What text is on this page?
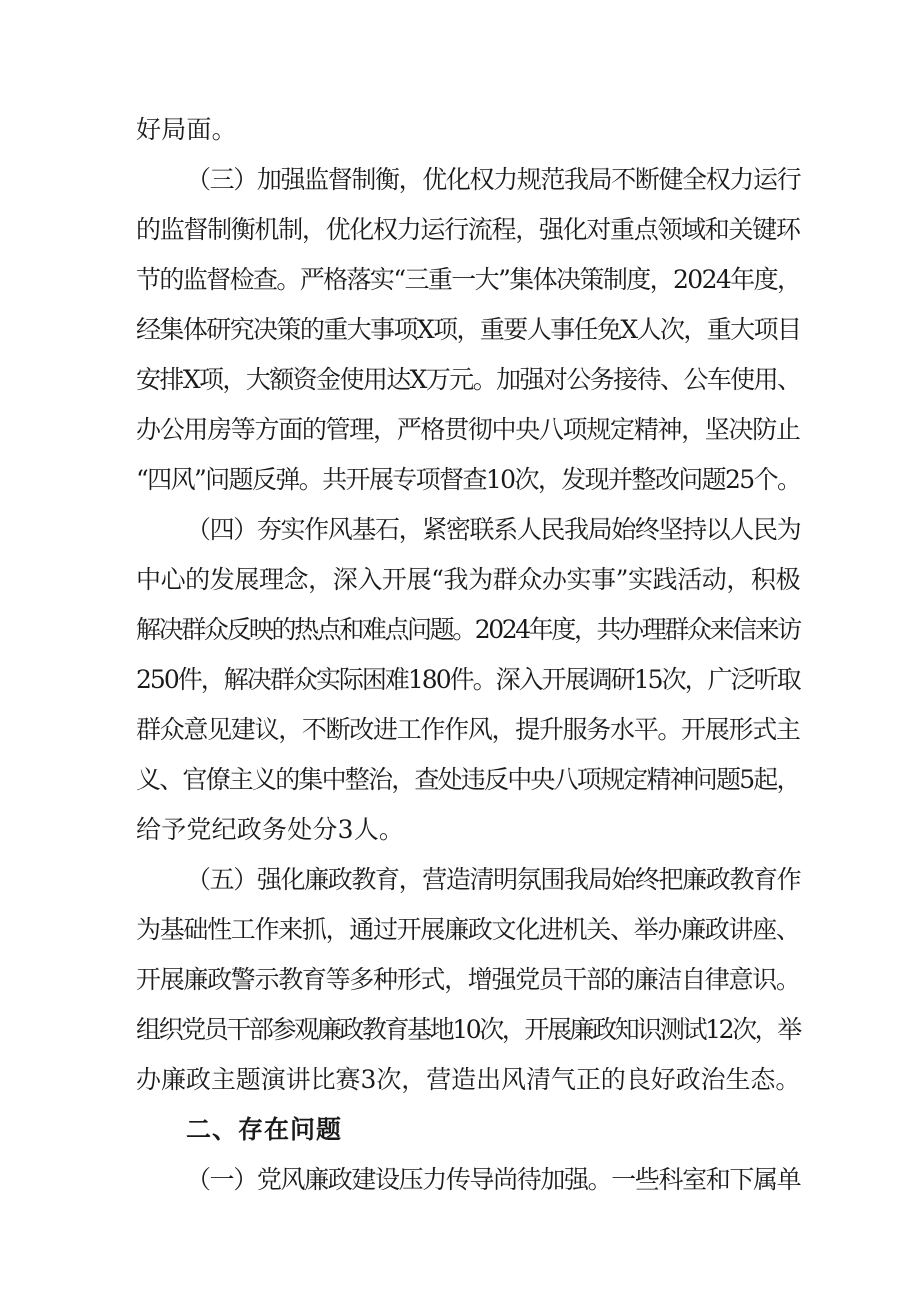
好局面。
（三）加强监督制衡，优化权力规范我局不断健全权力运行
的监督制衡机制，优化权力运行流程，强化对重点领域和关键环
节的监督检查。严格落实“三重一大”集体决策制度，2024年度，
经集体研究决策的重大事项X项，重要人事任免X人次，重大项目
安排X项，大额资金使用达X万元。加强对公务接待、公车使用、
办公用房等方面的管理，严格贯彻中央八项规定精神，坚决防止
“四风”问题反弹。共开展专项督查10次，发现并整改问题25个。
（四）夯实作风基石，紧密联系人民我局始终坚持以人民为
中心的发展理念，深入开展“我为群众办实事”实践活动，积极
解决群众反映的热点和难点问题。2024年度，共办理群众来信来访
250件，解决群众实际困难180件。深入开展调研15次，广泛听取
群众意见建议，不断改进工作作风，提升服务水平。开展形式主
义、官僚主义的集中整治，查处违反中央八项规定精神问题5起，
给予党纪政务处分3人。
（五）强化廉政教育，营造清明氛围我局始终把廉政教育作
为基础性工作来抓，通过开展廉政文化进机关、举办廉政讲座、
开展廉政警示教育等多种形式，增强党员干部的廉洁自律意识。
组织党员干部参观廉政教育基地10次，开展廉政知识测试12次，举
办廉政主题演讲比赛3次，营造出风清气正的良好政治生态。
二、存在问题
（一）党风廉政建设压力传导尚待加强。一些科室和下属单
